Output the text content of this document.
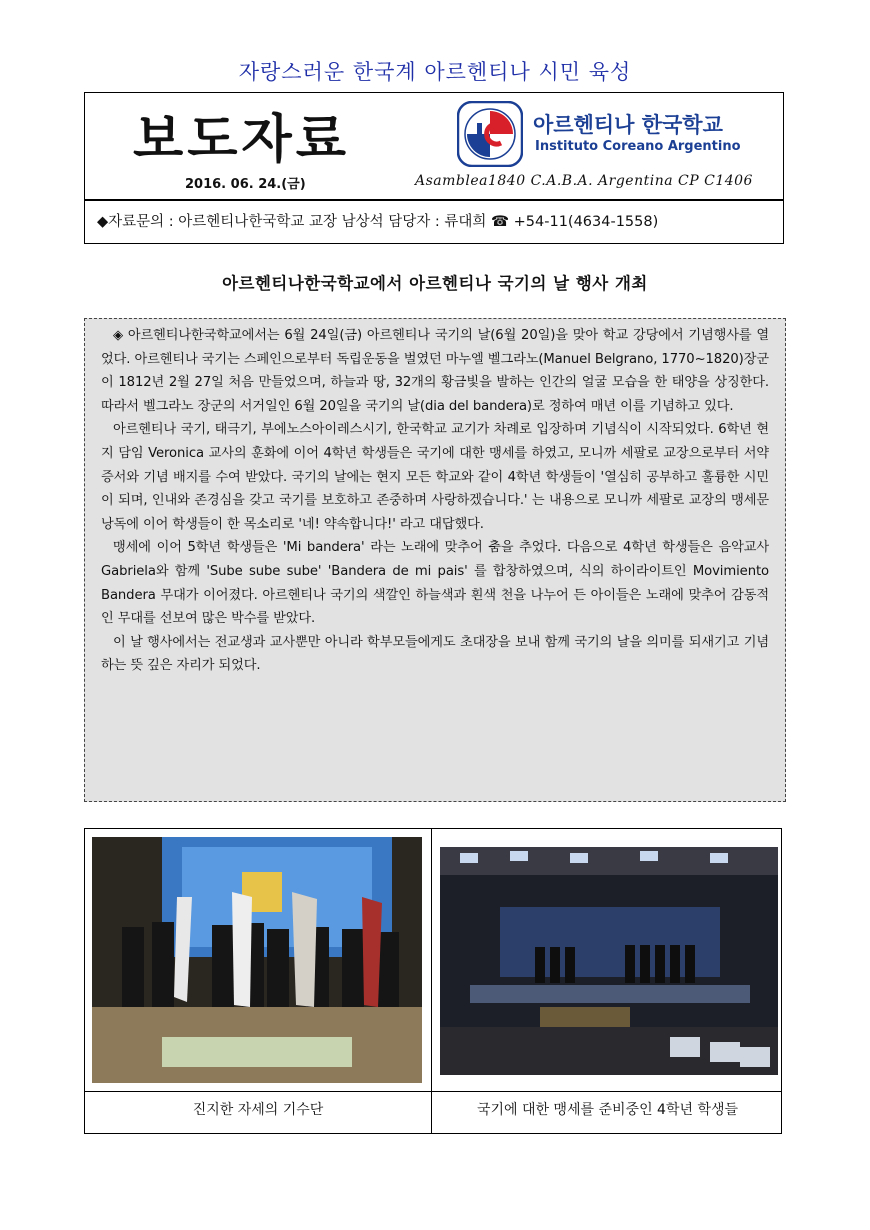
자랑스러운 한국계 아르헨티나 시민 육성
보도자료
2016. 06. 24.(금)
아르헨티나 한국학교
Instituto Coreano Argentino
Asamblea1840 C.A.B.A. Argentina CP C1406
◆자료문의 : 아르헨티나한국학교 교장 남상석 담당자 : 류대희 ☎ +54-11(4634-1558)
아르헨티나한국학교에서 아르헨티나 국기의 날 행사 개최

◈ 아르헨티나한국학교에서는 6월 24일(금) 아르헨티나 국기의 날(6월 20일)을 맞아 학교 강당에서 기념행사를 열었다. 아르헨티나 국기는 스페인으로부터 독립운동을 벌였던 마누엘 벨그라노(Manuel Belgrano, 1770~1820)장군이 1812년 2월 27일 처음 만들었으며, 하늘과 땅, 32개의 황금빛을 발하는 인간의 얼굴 모습을 한 태양을 상징한다. 따라서 벨그라노 장군의 서거일인 6월 20일을 국기의 날(dia del bandera)로 정하여 매년 이를 기념하고 있다.

아르헨티나 국기, 태극기, 부에노스아이레스시기, 한국학교 교기가 차례로 입장하며 기념식이 시작되었다. 6학년 현지 담임 Veronica 교사의 훈화에 이어 4학년 학생들은 국기에 대한 맹세를 하였고, 모니까 세팔로 교장으로부터 서약증서와 기념 배지를 수여 받았다. 국기의 날에는 현지 모든 학교와 같이 4학년 학생들이 '열심히 공부하고 훌륭한 시민이 되며, 인내와 존경심을 갖고 국기를 보호하고 존중하며 사랑하겠습니다.' 는 내용으로 모니까 세팔로 교장의 맹세문 낭독에 이어 학생들이 한 목소리로 '네! 약속합니다!' 라고 대답했다.

맹세에 이어 5학년 학생들은 'Mi bandera' 라는 노래에 맞추어 춤을 추었다. 다음으로 4학년 학생들은 음악교사 Gabriela와 함께 'Sube sube sube' 'Bandera de mi pais' 를 합창하였으며, 식의 하이라이트인 Movimiento Bandera 무대가 이어졌다. 아르헨티나 국기의 색깔인 하늘색과 흰색 천을 나누어 든 아이들은 노래에 맞추어 감동적인 무대를 선보여 많은 박수를 받았다.

이 날 행사에서는 전교생과 교사뿐만 아니라 학부모들에게도 초대장을 보내 함께 국기의 날을 의미를 되새기고 기념하는 뜻 깊은 자리가 되었다.

진지한 자세의 기수단	국기에 대한 맹세를 준비중인 4학년 학생들
